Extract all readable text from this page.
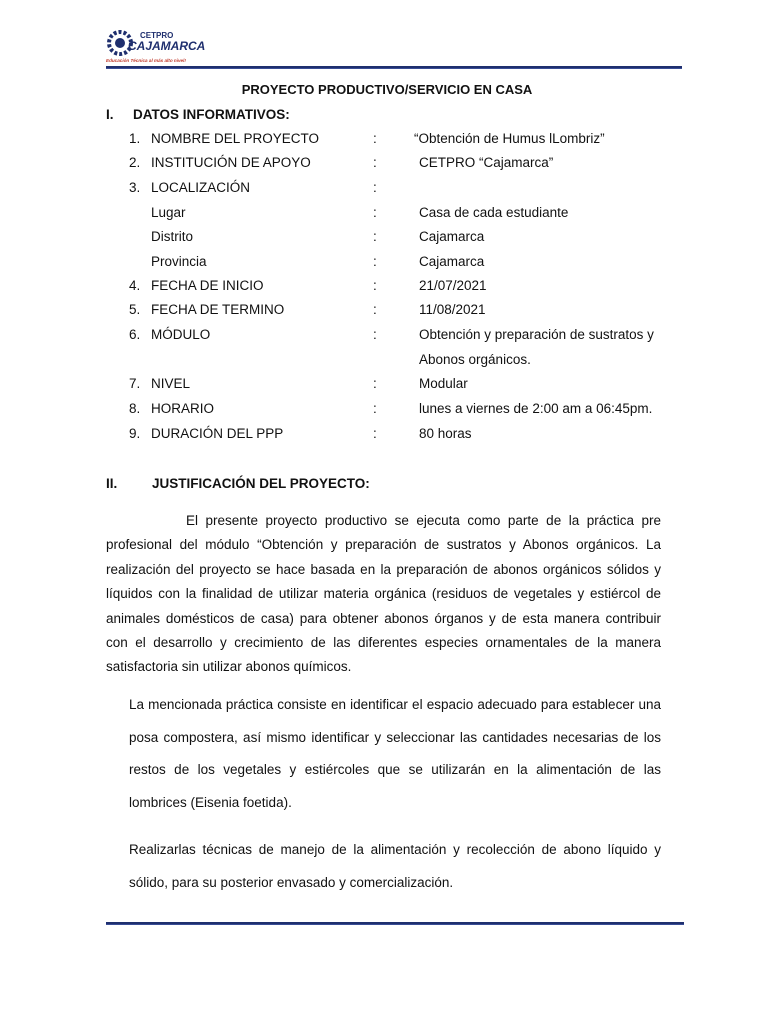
CETPRO
CAJAMARCA
Educación Técnica al más alto nivel!
PROYECTO PRODUCTIVO/SERVICIO EN CASA
I. DATOS INFORMATIVOS:
1. NOMBRE DEL PROYECTO	:	“Obtención de Humus lLombriz”
2. INSTITUCIÓN DE APOYO	:	CETPRO “Cajamarca”
3. LOCALIZACIÓN	:
Lugar	:	Casa de cada estudiante
Distrito	:	Cajamarca
Provincia	:	Cajamarca
4. FECHA DE INICIO	:	21/07/2021
5. FECHA DE TERMINO	:	11/08/2021
6. MÓDULO	:	Obtención y preparación de sustratos y
Abonos orgánicos.
7. NIVEL	:	Modular
8. HORARIO	:	lunes a viernes de 2:00 am a 06:45pm.
9. DURACIÓN DEL PPP	:	80 horas
II.	JUSTIFICACIÓN DEL PROYECTO:

El presente proyecto productivo se ejecuta como parte de la práctica pre profesional del módulo “Obtención y preparación de sustratos y Abonos orgánicos. La realización del proyecto se hace basada en la preparación de abonos orgánicos sólidos y líquidos con la finalidad de utilizar materia orgánica (residuos de vegetales y estiércol de animales domésticos de casa) para obtener abonos órganos y de esta manera contribuir con el desarrollo y crecimiento de las diferentes especies ornamentales de la manera satisfactoria sin utilizar abonos químicos.

La mencionada práctica consiste en identificar el espacio adecuado para establecer una posa compostera, así mismo identificar y seleccionar las cantidades necesarias de los restos de los vegetales y estiércoles que se utilizarán en la alimentación de las lombrices (Eisenia foetida).

Realizarlas técnicas de manejo de la alimentación y recolección de abono líquido y sólido, para su posterior envasado y comercialización.
